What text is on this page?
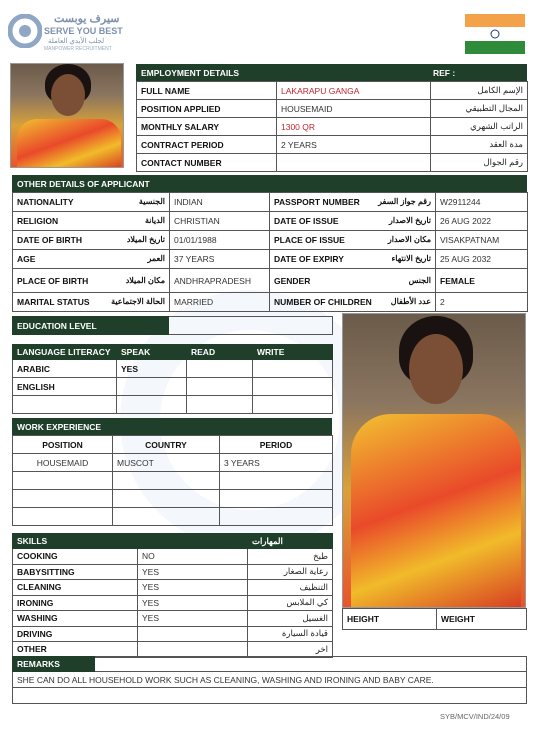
سيرف يوبست
SERVE YOU BEST
لجلب الأيدي العاملة
MANPOWER RECRUITMENT
EMPLOYMENT DETAILS	REF :
FULL NAME	LAKARAPU GANGA	الإسم الكامل
POSITION APPLIED	HOUSEMAID	المجال التطبيقي
MONTHLY SALARY	1300 QR	الراتب الشهري
CONTRACT PERIOD	2 YEARS	مدة العقد
CONTACT NUMBER		رقم الجوال
OTHER DETAILS OF APPLICANT
NATIONALITY الجنسية	INDIAN	PASSPORT NUMBER رقم جواز السفر	W2911244
RELIGION الديانة	CHRISTIAN	DATE OF ISSUE تاريخ الاصدار	26 AUG 2022
DATE OF BIRTH تاريخ الميلاد	01/01/1988	PLACE OF ISSUE مكان الاصدار	VISAKPATNAM
AGE العمر	37 YEARS	DATE OF EXPIRY تاريخ الانتهاء	25 AUG 2032
PLACE OF BIRTH مكان الميلاد	ANDHRAPRADESH	GENDER الجنس	FEMALE
MARITAL STATUS الحالة الاجتماعية	MARRIED	NUMBER OF CHILDREN عدد الأطفال	2
EDUCATION LEVEL	
LANGUAGE LITERACY	SPEAK	READ	WRITE
ARABIC	YES		
ENGLISH			

WORK EXPERIENCE
POSITION	COUNTRY	PERIOD
HOUSEMAID	MUSCOT	3 YEARS

HEIGHT	WEIGHT
SKILLS		المهارات
COOKING	NO	طبخ
BABYSITTING	YES	رعاية الصغار
CLEANING	YES	التنظيف
IRONING	YES	كي الملابس
WASHING	YES	الغسيل
DRIVING		قيادة السيارة
OTHER		اخر
REMARKS	
SHE CAN DO ALL HOUSEHOLD WORK SUCH AS CLEANING, WASHING AND IRONING AND BABY CARE.

SYB/MCV/IND/24/09
